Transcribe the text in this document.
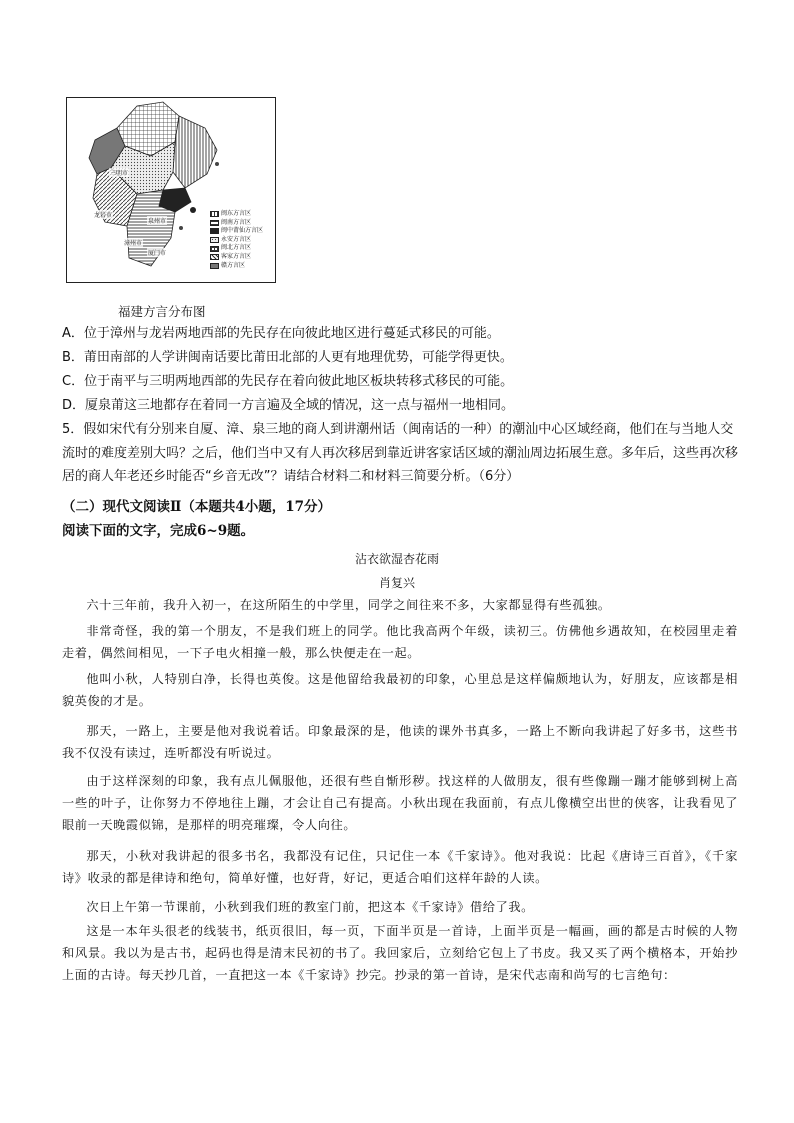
三明市
龙岩市
泉州市
漳州市
厦门市
闽东方言区
闽南方言区
闽中莆仙方言区
永安方言区
闽北方言区
客家方言区
赣方言区
福建方言分布图

A．位于漳州与龙岩两地西部的先民存在向彼此地区进行蔓延式移民的可能。

B．莆田南部的人学讲闽南话要比莆田北部的人更有地理优势，可能学得更快。

C．位于南平与三明两地西部的先民存在着向彼此地区板块转移式移民的可能。

D．厦泉莆这三地都存在着同一方言遍及全域的情况，这一点与福州一地相同。

5．假如宋代有分别来自厦、漳、泉三地的商人到讲潮州话（闽南话的一种）的潮汕中心区域经商，他们在与当地人交流时的难度差别大吗？之后，他们当中又有人再次移居到靠近讲客家话区域的潮汕周边拓展生意。多年后，这些再次移居的商人年老还乡时能否“乡音无改”？请结合材料二和材料三简要分析。（6分）

（二）现代文阅读Ⅱ（本题共4小题，17分）

阅读下面的文字，完成6~9题。

沾衣欲湿杏花雨
肖复兴

六十三年前，我升入初一，在这所陌生的中学里，同学之间往来不多，大家都显得有些孤独。

非常奇怪，我的第一个朋友，不是我们班上的同学。他比我高两个年级，读初三。仿佛他乡遇故知，在校园里走着走着，偶然间相见，一下子电火相撞一般，那么快便走在一起。

他叫小秋，人特别白净，长得也英俊。这是他留给我最初的印象，心里总是这样偏颇地认为，好朋友，应该都是相貌英俊的才是。

那天，一路上，主要是他对我说着话。印象最深的是，他读的课外书真多，一路上不断向我讲起了好多书，这些书我不仅没有读过，连听都没有听说过。

由于这样深刻的印象，我有点儿佩服他，还很有些自惭形秽。找这样的人做朋友，很有些像蹦一蹦才能够到树上高一些的叶子，让你努力不停地往上蹦，才会让自己有提高。小秋出现在我面前，有点儿像横空出世的侠客，让我看见了眼前一天晚霞似锦，是那样的明亮璀璨，令人向往。

那天，小秋对我讲起的很多书名，我都没有记住，只记住一本《千家诗》。他对我说：比起《唐诗三百首》，《千家诗》收录的都是律诗和绝句，简单好懂，也好背，好记，更适合咱们这样年龄的人读。

次日上午第一节课前，小秋到我们班的教室门前，把这本《千家诗》借给了我。

这是一本年头很老的线装书，纸页很旧，每一页，下面半页是一首诗，上面半页是一幅画，画的都是古时候的人物和风景。我以为是古书，起码也得是清末民初的书了。我回家后，立刻给它包上了书皮。我又买了两个横格本，开始抄上面的古诗。每天抄几首，一直把这一本《千家诗》抄完。抄录的第一首诗，是宋代志南和尚写的七言绝句：
